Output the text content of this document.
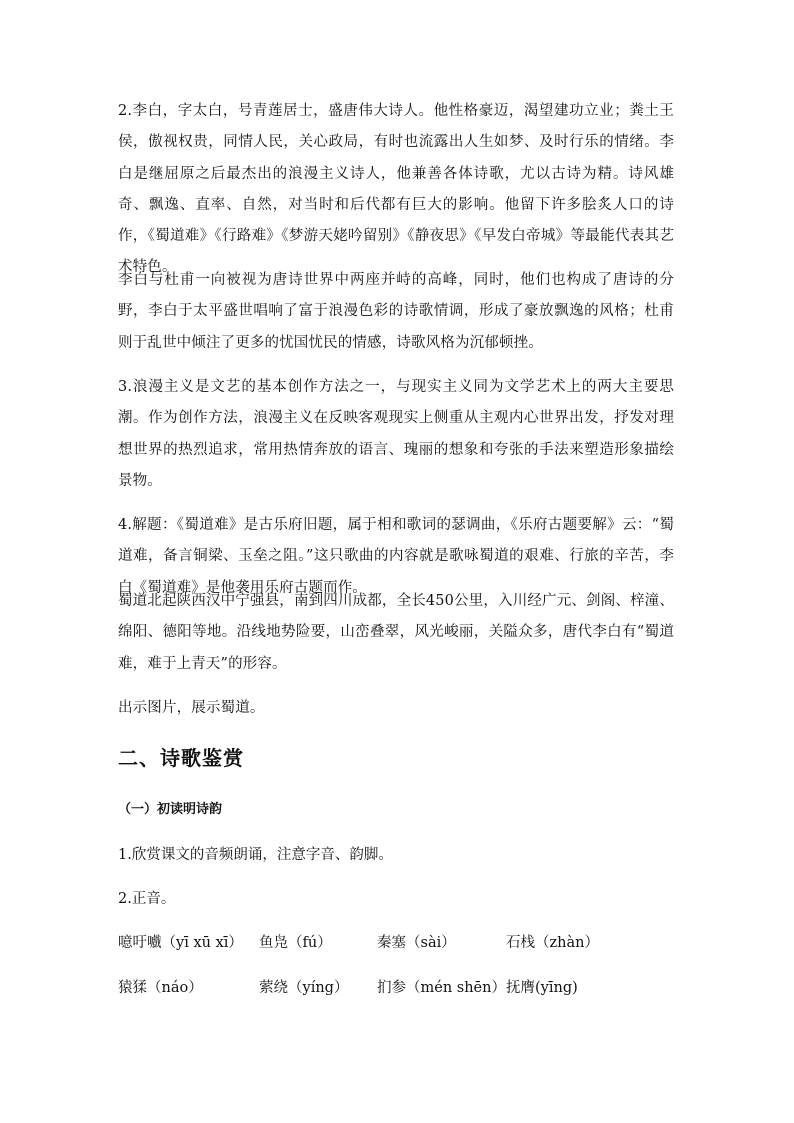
2.李白，字太白，号青莲居士，盛唐伟大诗人。他性格豪迈，渴望建功立业；粪土王侯，傲视权贵，同情人民，关心政局，有时也流露出人生如梦、及时行乐的情绪。李白是继屈原之后最杰出的浪漫主义诗人，他兼善各体诗歌，尤以古诗为精。诗风雄奇、飘逸、直率、自然，对当时和后代都有巨大的影响。他留下许多脍炙人口的诗作，《蜀道难》《行路难》《梦游天姥吟留别》《静夜思》《早发白帝城》等最能代表其艺术特色。

李白与杜甫一向被视为唐诗世界中两座并峙的高峰，同时，他们也构成了唐诗的分野，李白于太平盛世唱响了富于浪漫色彩的诗歌情调，形成了豪放飘逸的风格；杜甫则于乱世中倾注了更多的忧国忧民的情感，诗歌风格为沉郁顿挫。

3.浪漫主义是文艺的基本创作方法之一，与现实主义同为文学艺术上的两大主要思潮。作为创作方法，浪漫主义在反映客观现实上侧重从主观内心世界出发，抒发对理想世界的热烈追求，常用热情奔放的语言、瑰丽的想象和夸张的手法来塑造形象描绘景物。

4.解题：《蜀道难》是古乐府旧题，属于相和歌词的瑟调曲，《乐府古题要解》云：“蜀道难，备言铜梁、玉垒之阻。”这只歌曲的内容就是歌咏蜀道的艰难、行旅的辛苦，李白《蜀道难》是他袭用乐府古题而作。

蜀道北起陕西汉中宁强县，南到四川成都，全长450公里，入川经广元、剑阁、梓潼、绵阳、德阳等地。沿线地势险要，山峦叠翠，风光峻丽，关隘众多，唐代李白有“蜀道难，难于上青天”的形容。

出示图片，展示蜀道。

二、诗歌鉴赏
（一）初读明诗韵

1.欣赏课文的音频朗诵，注意字音、韵脚。

2.正音。

噫吁嚱（yī xū xī） 鱼凫（fú）	秦塞（sài）	石栈（zhàn）
猿猱（náo）	萦绕（yíng） 扪参（mén shēn） 抚膺(yīng)
